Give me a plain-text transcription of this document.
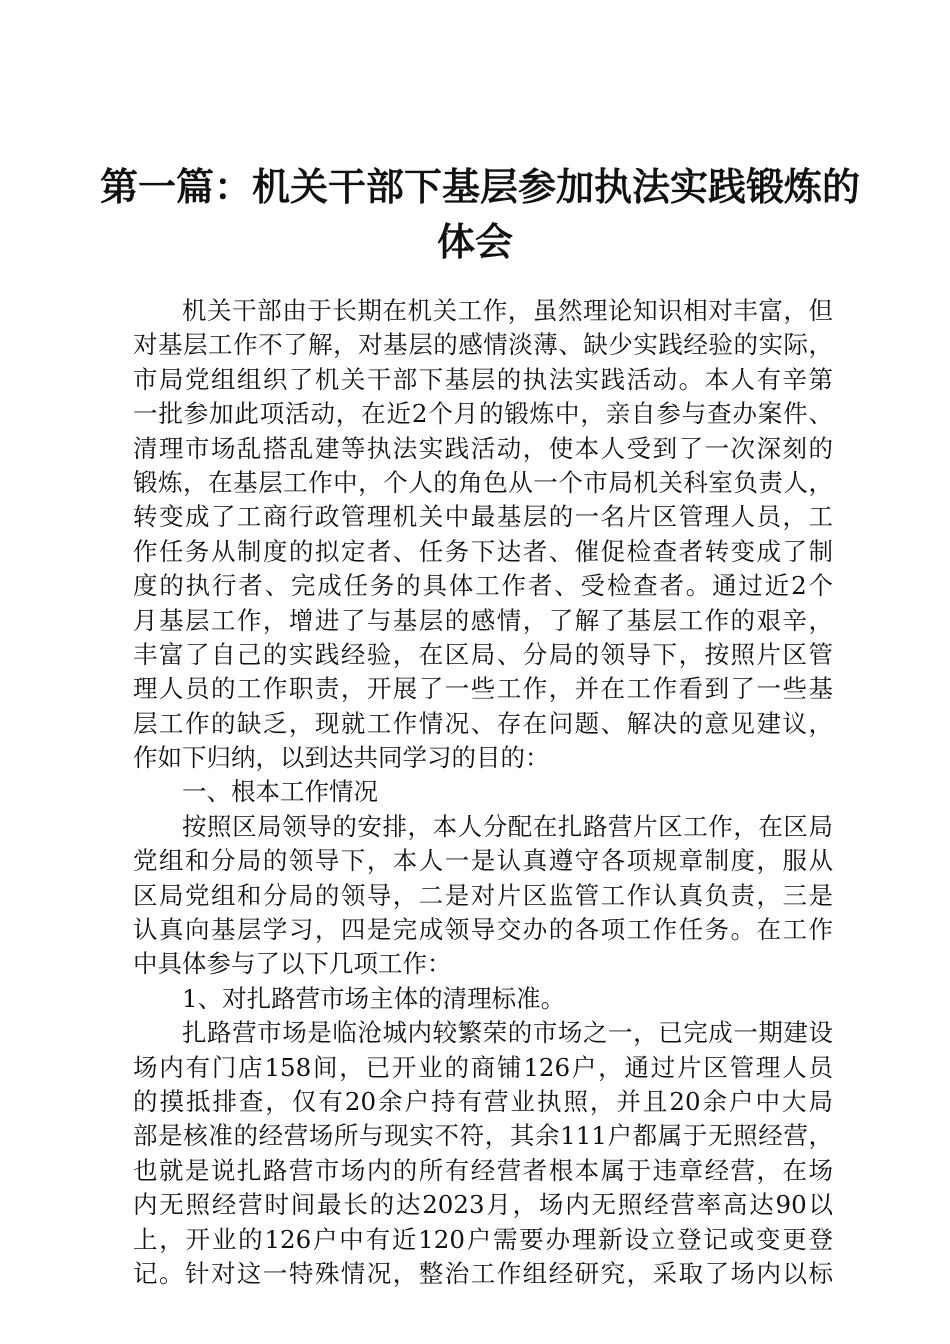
第一篇：机关干部下基层参加执法实践锻炼的
体会

机关干部由于长期在机关工作，虽然理论知识相对丰富，但

对基层工作不了解，对基层的感情淡薄、缺少实践经验的实际，

市局党组组织了机关干部下基层的执法实践活动。本人有辛第

一批参加此项活动，在近2个月的锻炼中，亲自参与查办案件、

清理市场乱搭乱建等执法实践活动，使本人受到了一次深刻的

锻炼，在基层工作中，个人的角色从一个市局机关科室负责人，

转变成了工商行政管理机关中最基层的一名片区管理人员，工

作任务从制度的拟定者、任务下达者、催促检查者转变成了制

度的执行者、完成任务的具体工作者、受检查者。通过近2个

月基层工作，增进了与基层的感情，了解了基层工作的艰辛，

丰富了自己的实践经验，在区局、分局的领导下，按照片区管

理人员的工作职责，开展了一些工作，并在工作看到了一些基

层工作的缺乏，现就工作情况、存在问题、解决的意见建议，

作如下归纳，以到达共同学习的目的：

一、根本工作情况

按照区局领导的安排，本人分配在扎路营片区工作，在区局

党组和分局的领导下，本人一是认真遵守各项规章制度，服从

区局党组和分局的领导，二是对片区监管工作认真负责，三是

认真向基层学习，四是完成领导交办的各项工作任务。在工作

中具体参与了以下几项工作：

1、对扎路营市场主体的清理标准。

扎路营市场是临沧城内较繁荣的市场之一，已完成一期建设

场内有门店158间，已开业的商铺126户，通过片区管理人员

的摸抵排查，仅有20余户持有营业执照，并且20余户中大局

部是核准的经营场所与现实不符，其余111户都属于无照经营，

也就是说扎路营市场内的所有经营者根本属于违章经营，在场

内无照经营时间最长的达2023月，场内无照经营率高达90以

上，开业的126户中有近120户需要办理新设立登记或变更登

记。针对这一特殊情况，整治工作组经研究，采取了场内以标
